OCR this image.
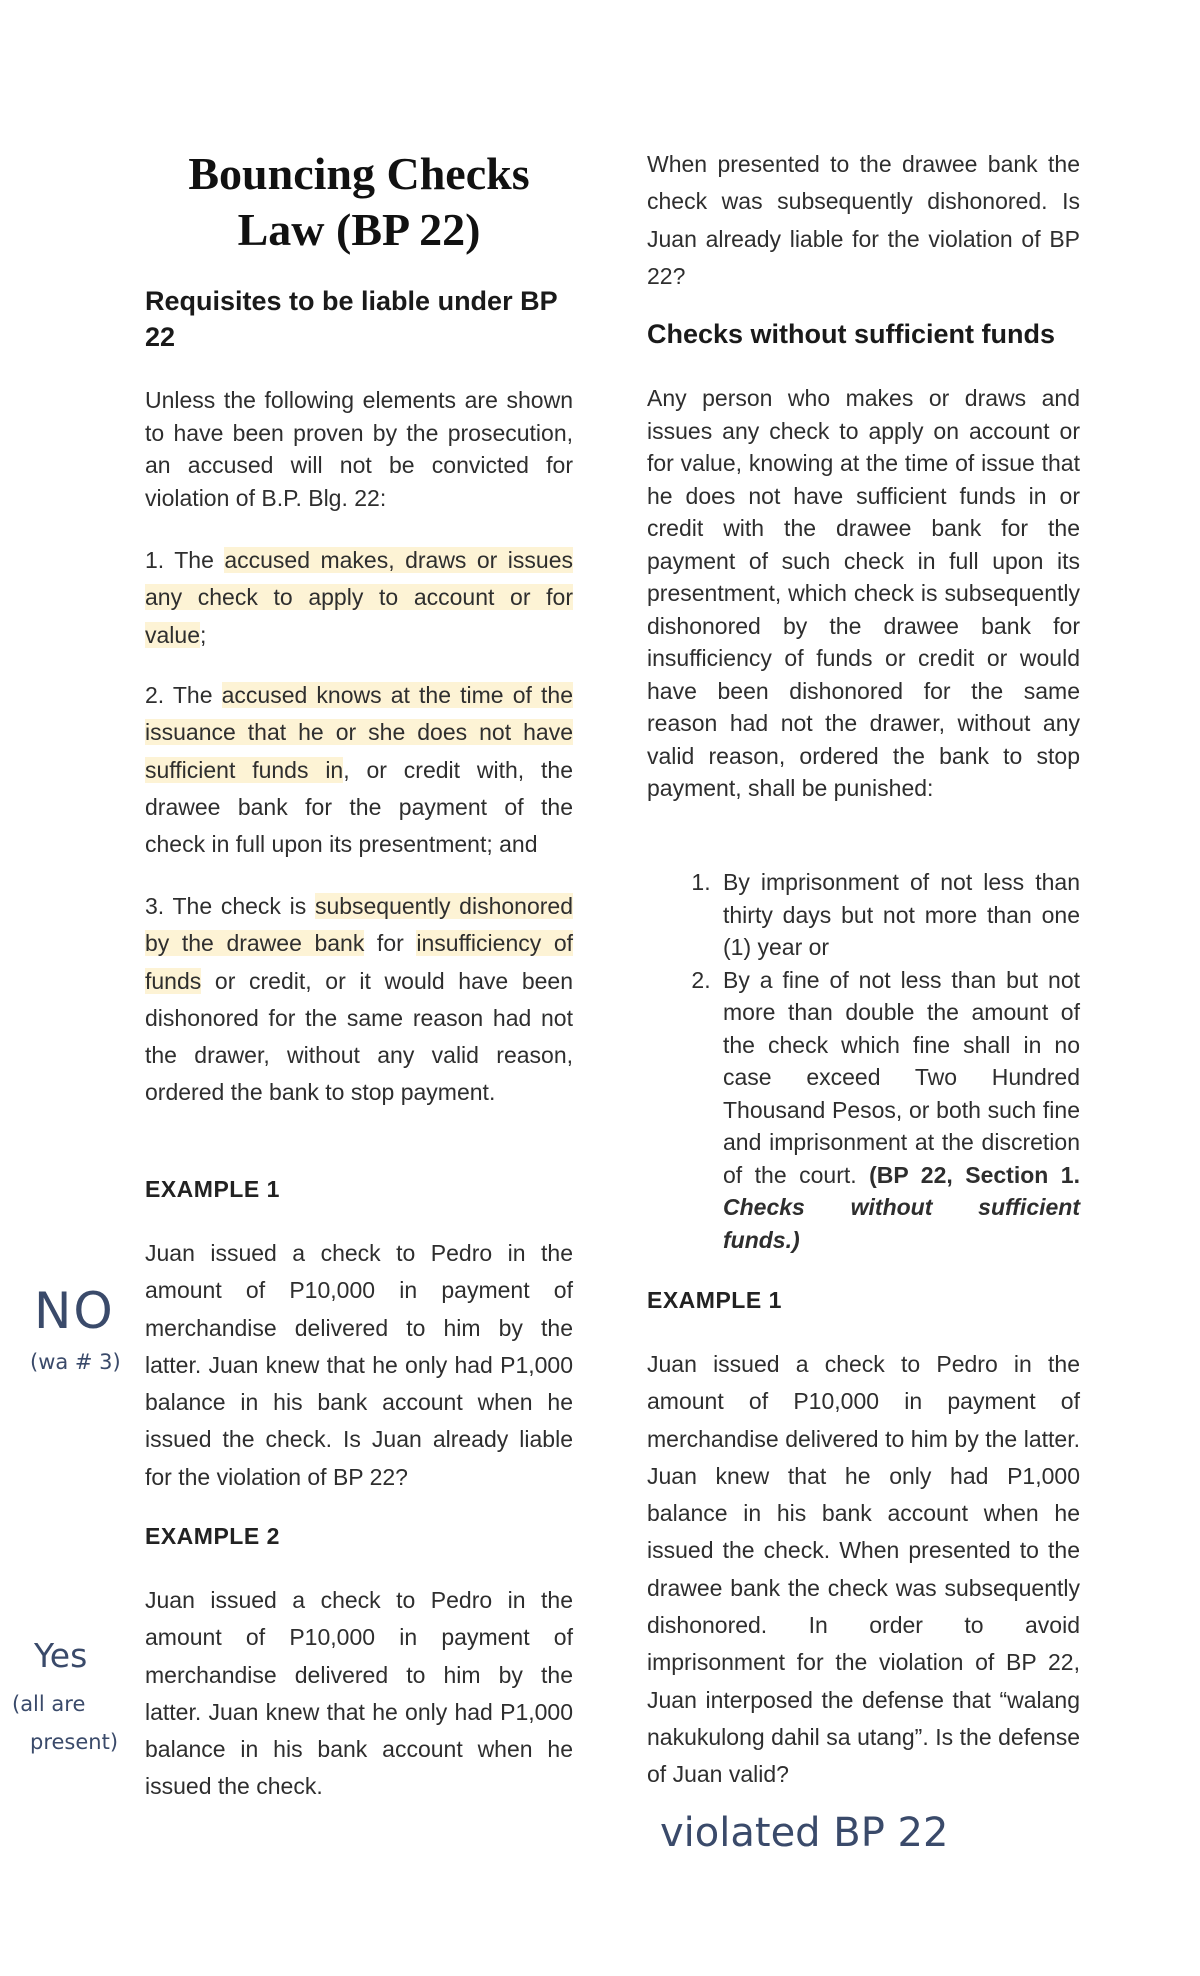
Bouncing Checks Law (BP 22)
Requisites to be liable under BP 22
Unless the following elements are shown to have been proven by the prosecution, an accused will not be convicted for violation of B.P. Blg. 22:
1. The accused makes, draws or issues any check to apply to account or for value;
2. The accused knows at the time of the issuance that he or she does not have sufficient funds in, or credit with, the drawee bank for the payment of the check in full upon its presentment; and
3. The check is subsequently dishonored by the drawee bank for insufficiency of funds or credit, or it would have been dishonored for the same reason had not the drawer, without any valid reason, ordered the bank to stop payment.
EXAMPLE 1
Juan issued a check to Pedro in the amount of P10,000 in payment of merchandise delivered to him by the latter. Juan knew that he only had P1,000 balance in his bank account when he issued the check. Is Juan already liable for the violation of BP 22?
EXAMPLE 2
Juan issued a check to Pedro in the amount of P10,000 in payment of merchandise delivered to him by the latter. Juan knew that he only had P1,000 balance in his bank account when he issued the check.
When presented to the drawee bank the check was subsequently dishonored. Is Juan already liable for the violation of BP 22?
Checks without sufficient funds
Any person who makes or draws and issues any check to apply on account or for value, knowing at the time of issue that he does not have sufficient funds in or credit with the drawee bank for the payment of such check in full upon its presentment, which check is subsequently dishonored by the drawee bank for insufficiency of funds or credit or would have been dishonored for the same reason had not the drawer, without any valid reason, ordered the bank to stop payment, shall be punished:
1. By imprisonment of not less than thirty days but not more than one (1) year or
2. By a fine of not less than but not more than double the amount of the check which fine shall in no case exceed Two Hundred Thousand Pesos, or both such fine and imprisonment at the discretion of the court. (BP 22, Section 1. Checks without sufficient funds.)
EXAMPLE 1
Juan issued a check to Pedro in the amount of P10,000 in payment of merchandise delivered to him by the latter. Juan knew that he only had P1,000 balance in his bank account when he issued the check. When presented to the drawee bank the check was subsequently dishonored. In order to avoid imprisonment for the violation of BP 22, Juan interposed the defense that “walang nakukulong dahil sa utang”. Is the defense of Juan valid?
NO
(wa # 3)
Yes
(all are
present)
violated BP 22
